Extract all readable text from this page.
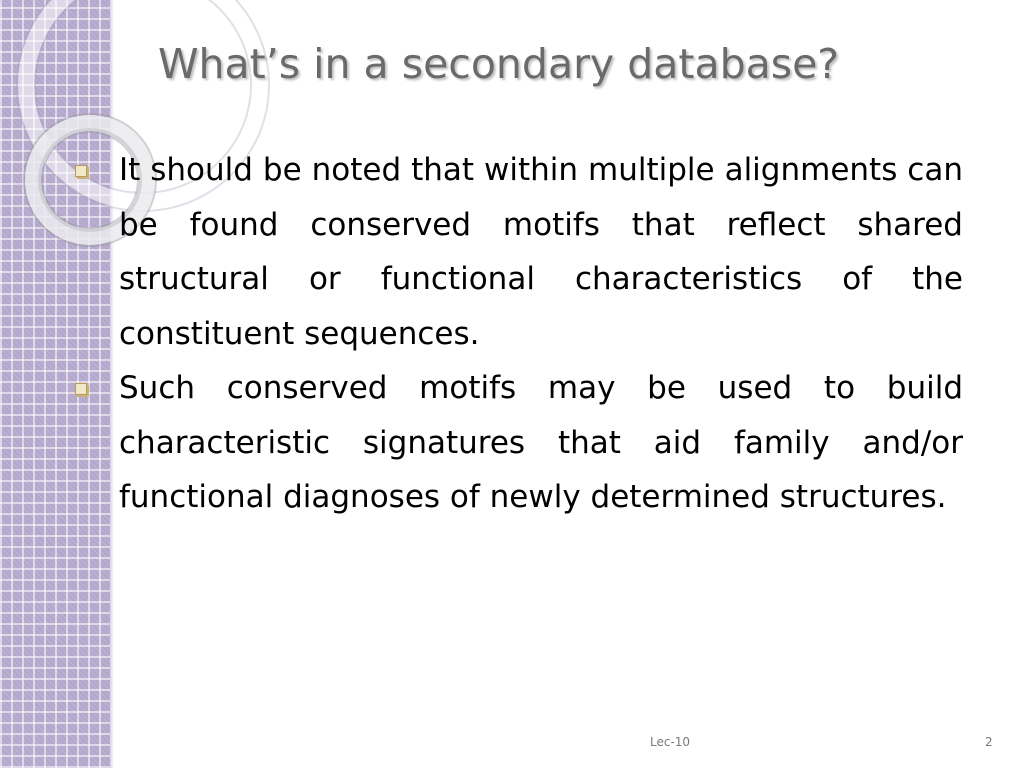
What’s in a secondary database?

It should be noted that within multiple alignments can be found conserved motifs that reflect shared structural or functional characteristics of the constituent sequences.

Such conserved motifs may be used to build characteristic signatures that aid family and/or functional diagnoses of newly determined structures.

Lec-10	2
